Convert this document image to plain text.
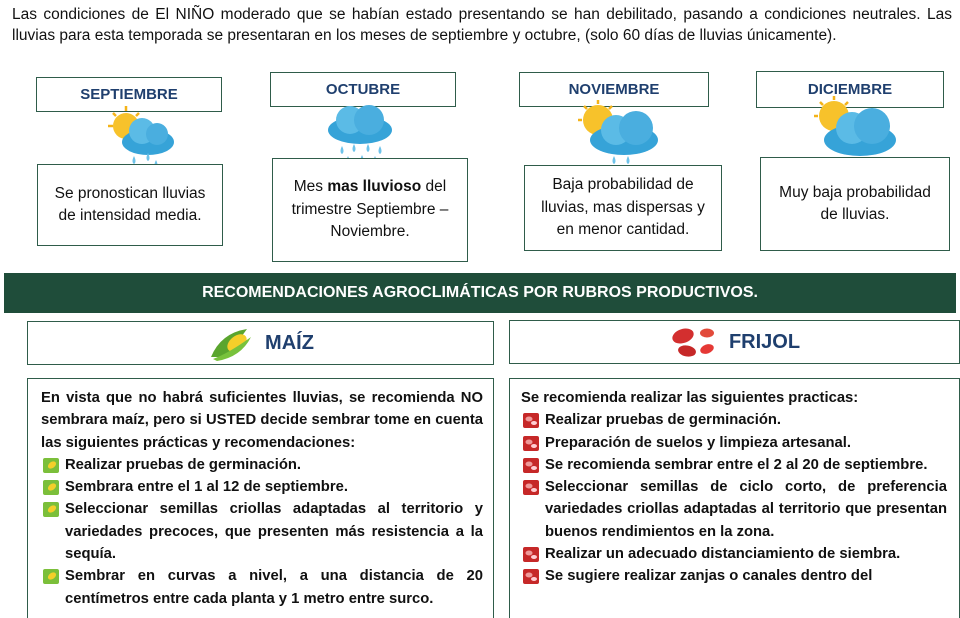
Las condiciones de El NIÑO moderado que se habían estado presentando se han debilitado, pasando a condiciones neutrales. Las lluvias para esta temporada se presentaran en los meses de septiembre y octubre, (solo 60 días de lluvias únicamente).

SEPTIEMBRE	OCTUBRE	NOVIEMBRE	DICIEMBRE
Se pronostican lluvias de intensidad media.
Mes mas lluvioso del trimestre Septiembre – Noviembre.
Baja probabilidad de lluvias, mas dispersas y en menor cantidad.
Muy baja probabilidad de lluvias.
RECOMENDACIONES AGROCLIMÁTICAS POR RUBROS PRODUCTIVOS.
MAÍZ	FRIJOL

En vista que no habrá suficientes lluvias, se recomienda NO sembrara maíz, pero si USTED decide sembrar tome en cuenta las siguientes prácticas y recomendaciones:

Realizar pruebas de germinación.
Sembrara entre el 1 al 12 de septiembre.
Seleccionar semillas criollas adaptadas al territorio y variedades precoces, que presenten más resistencia a la sequía.
Sembrar en curvas a nivel, a una distancia de 20 centímetros entre cada planta y 1 metro entre surco.

Se recomienda realizar las siguientes practicas:

Realizar pruebas de germinación.
Preparación de suelos y limpieza artesanal.
Se recomienda sembrar entre el 2 al 20 de septiembre.
Seleccionar semillas de ciclo corto, de preferencia variedades criollas adaptadas al territorio que presentan buenos rendimientos en la zona.
Realizar un adecuado distanciamiento de siembra.
Se sugiere realizar zanjas o canales dentro del
